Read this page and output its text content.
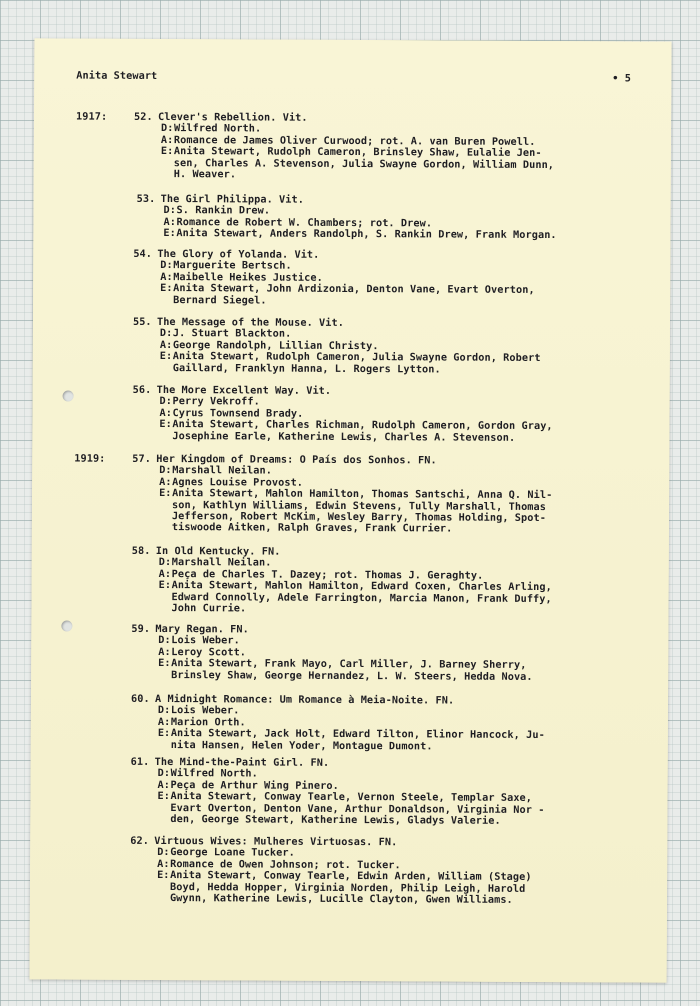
Anita Stewart	• 5
1917:
1919:
52. Clever's Rebellion. Vit.
D:Wilfred North.
A:Romance de James Oliver Curwood; rot. A. van Buren Powell.
E:Anita Stewart, Rudolph Cameron, Brinsley Shaw, Eulalie Jen-
sen, Charles A. Stevenson, Julia Swayne Gordon, William Dunn,
H. Weaver.
53. The Girl Philippa. Vit.
D:S. Rankin Drew.
A:Romance de Robert W. Chambers; rot. Drew.
E:Anita Stewart, Anders Randolph, S. Rankin Drew, Frank Morgan.
54. The Glory of Yolanda. Vit.
D:Marguerite Bertsch.
A:Maibelle Heikes Justice.
E:Anita Stewart, John Ardizonia, Denton Vane, Evart Overton,
Bernard Siegel.
55. The Message of the Mouse. Vit.
D:J. Stuart Blackton.
A:George Randolph, Lillian Christy.
E:Anita Stewart, Rudolph Cameron, Julia Swayne Gordon, Robert
Gaillard, Franklyn Hanna, L. Rogers Lytton.
56. The More Excellent Way. Vit.
D:Perry Vekroff.
A:Cyrus Townsend Brady.
E:Anita Stewart, Charles Richman, Rudolph Cameron, Gordon Gray,
Josephine Earle, Katherine Lewis, Charles A. Stevenson.
57. Her Kingdom of Dreams: O País dos Sonhos. FN.
D:Marshall Neilan.
A:Agnes Louise Provost.
E:Anita Stewart, Mahlon Hamilton, Thomas Santschi, Anna Q. Nil-
son, Kathlyn Williams, Edwin Stevens, Tully Marshall, Thomas
Jefferson, Robert McKim, Wesley Barry, Thomas Holding, Spot-
tiswoode Aitken, Ralph Graves, Frank Currier.
58. In Old Kentucky. FN.
D:Marshall Neilan.
A:Peça de Charles T. Dazey; rot. Thomas J. Geraghty.
E:Anita Stewart, Mahlon Hamilton, Edward Coxen, Charles Arling,
Edward Connolly, Adele Farrington, Marcia Manon, Frank Duffy,
John Currie.
59. Mary Regan. FN.
D:Lois Weber.
A:Leroy Scott.
E:Anita Stewart, Frank Mayo, Carl Miller, J. Barney Sherry,
Brinsley Shaw, George Hernandez, L. W. Steers, Hedda Nova.
60. A Midnight Romance: Um Romance à Meia-Noite. FN.
D:Lois Weber.
A:Marion Orth.
E:Anita Stewart, Jack Holt, Edward Tilton, Elinor Hancock, Ju-
nita Hansen, Helen Yoder, Montague Dumont.
61. The Mind-the-Paint Girl. FN.
D:Wilfred North.
A:Peça de Arthur Wing Pinero.
E:Anita Stewart, Conway Tearle, Vernon Steele, Templar Saxe,
Evart Overton, Denton Vane, Arthur Donaldson, Virginia Nor -
den, George Stewart, Katherine Lewis, Gladys Valerie.
62. Virtuous Wives: Mulheres Virtuosas. FN.
D:George Loane Tucker.
A:Romance de Owen Johnson; rot. Tucker.
E:Anita Stewart, Conway Tearle, Edwin Arden, William (Stage)
Boyd, Hedda Hopper, Virginia Norden, Philip Leigh, Harold
Gwynn, Katherine Lewis, Lucille Clayton, Gwen Williams.
